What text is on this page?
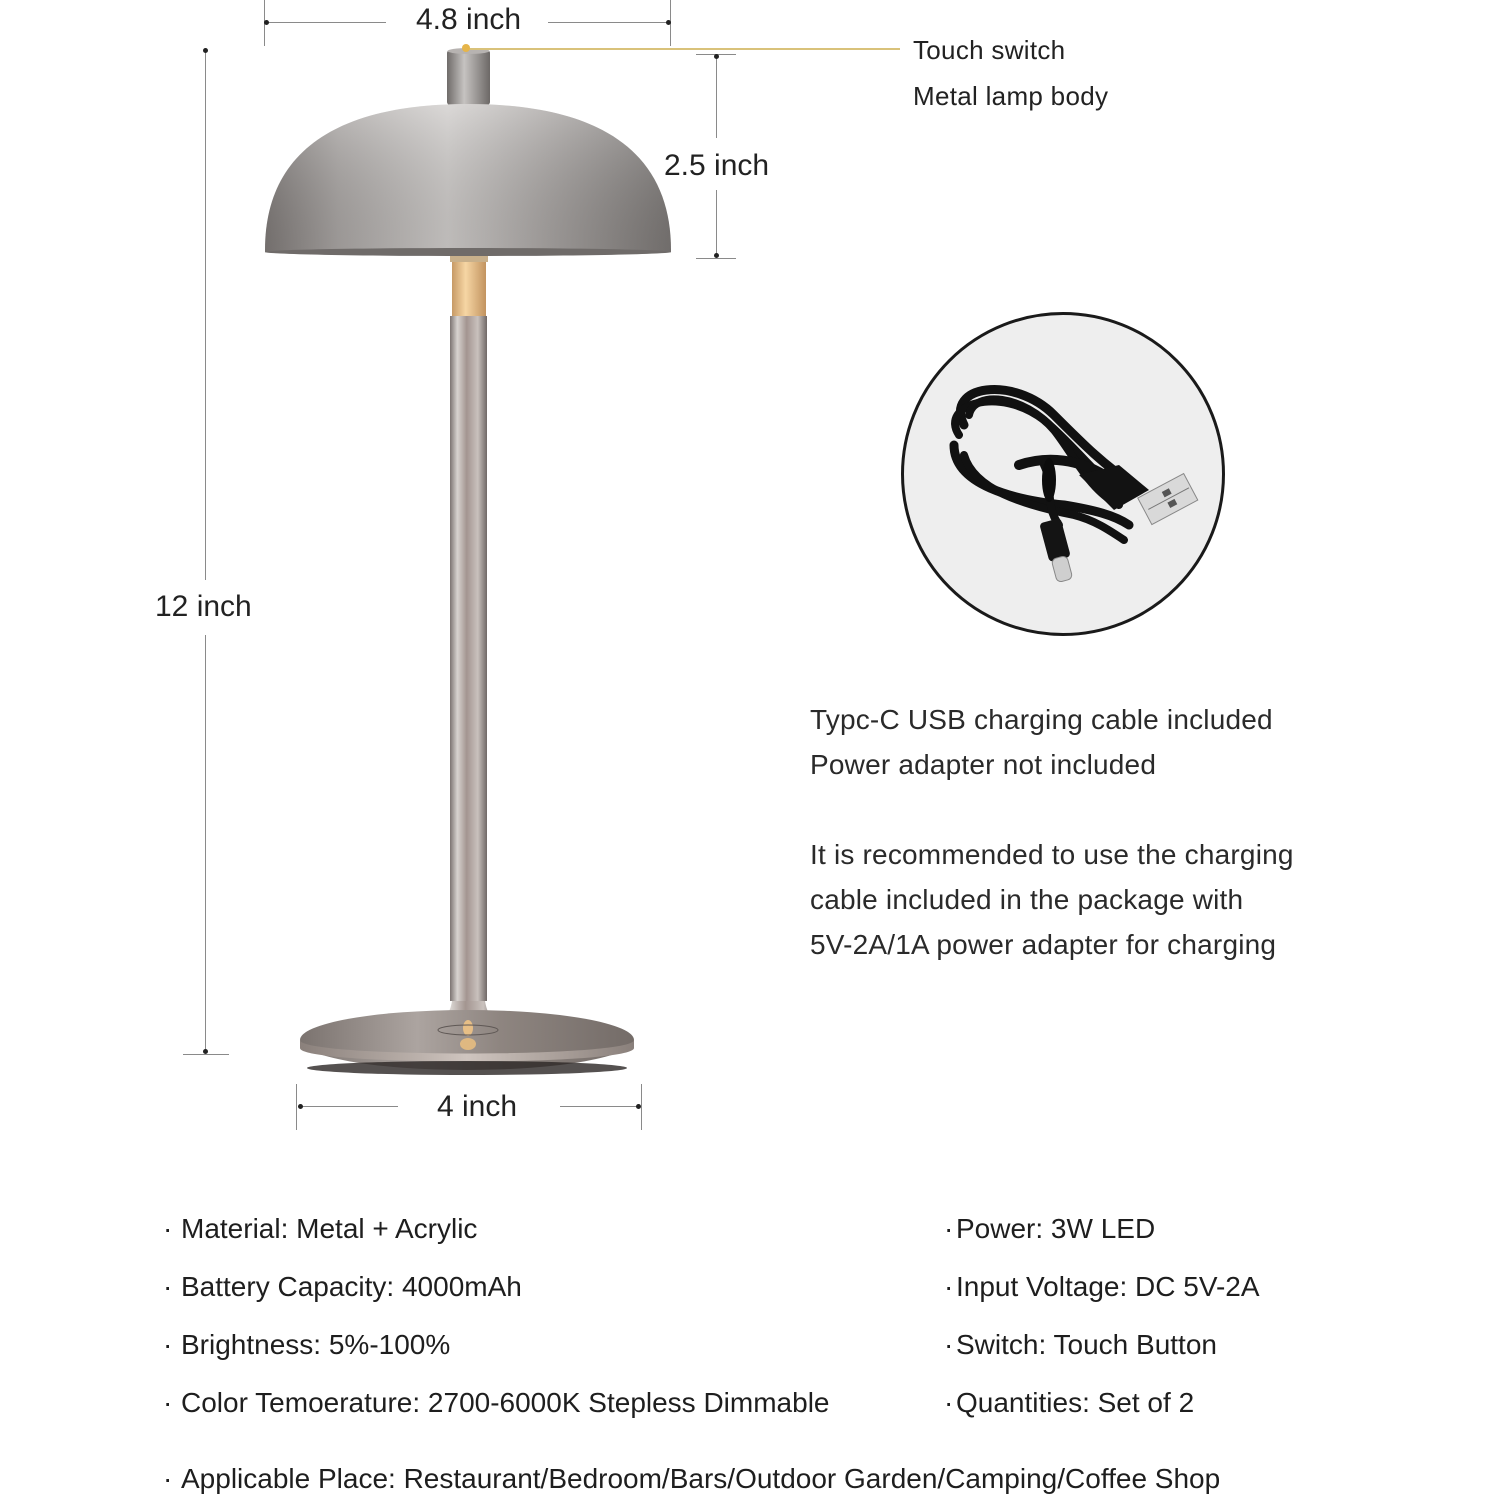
4.8 inch
2.5 inch
12 inch
4 inch
Touch switch
Metal lamp body
Typc-C USB charging cable included
Power adapter not included
It is recommended to use the charging
cable included in the package with
5V-2A/1A power adapter for charging
· Material: Metal + Acrylic
· Battery Capacity: 4000mAh
· Brightness: 5%-100%
· Color Temoerature: 2700-6000K Stepless Dimmable
·Power: 3W LED
·Input Voltage: DC 5V-2A
·Switch: Touch Button
·Quantities: Set of 2
· Applicable Place: Restaurant/Bedroom/Bars/Outdoor Garden/Camping/Coffee Shop
